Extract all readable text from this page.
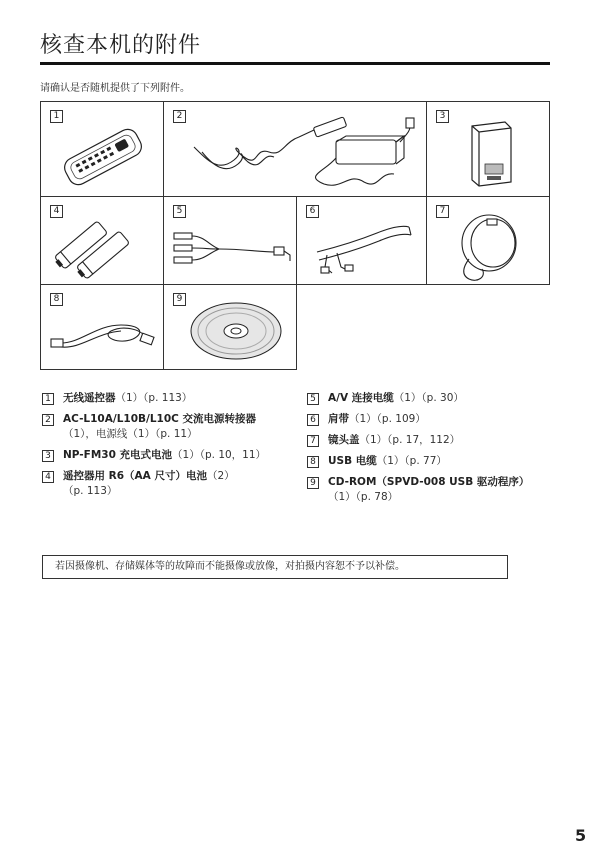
核查本机的附件
请确认是否随机提供了下列附件。
1	2	3
4	5	6	7
8	9
1 无线遥控器（1）（p. 113）
2 AC-L10A/L10B/L10C 交流电源转接器
（1），电源线（1）（p. 11）
3 NP-FM30 充电式电池（1）（p. 10，11）
4 遥控器用 R6（AA 尺寸）电池（2）
（p. 113）
5 A/V 连接电缆（1）（p. 30）
6 肩带（1）（p. 109）
7 镜头盖（1）（p. 17，112）
8 USB 电缆（1）（p. 77）
9 CD-ROM（SPVD-008 USB 驱动程序）
（1）（p. 78）
若因摄像机、存储媒体等的故障而不能摄像或放像，对拍摄内容恕不予以补偿。
5
